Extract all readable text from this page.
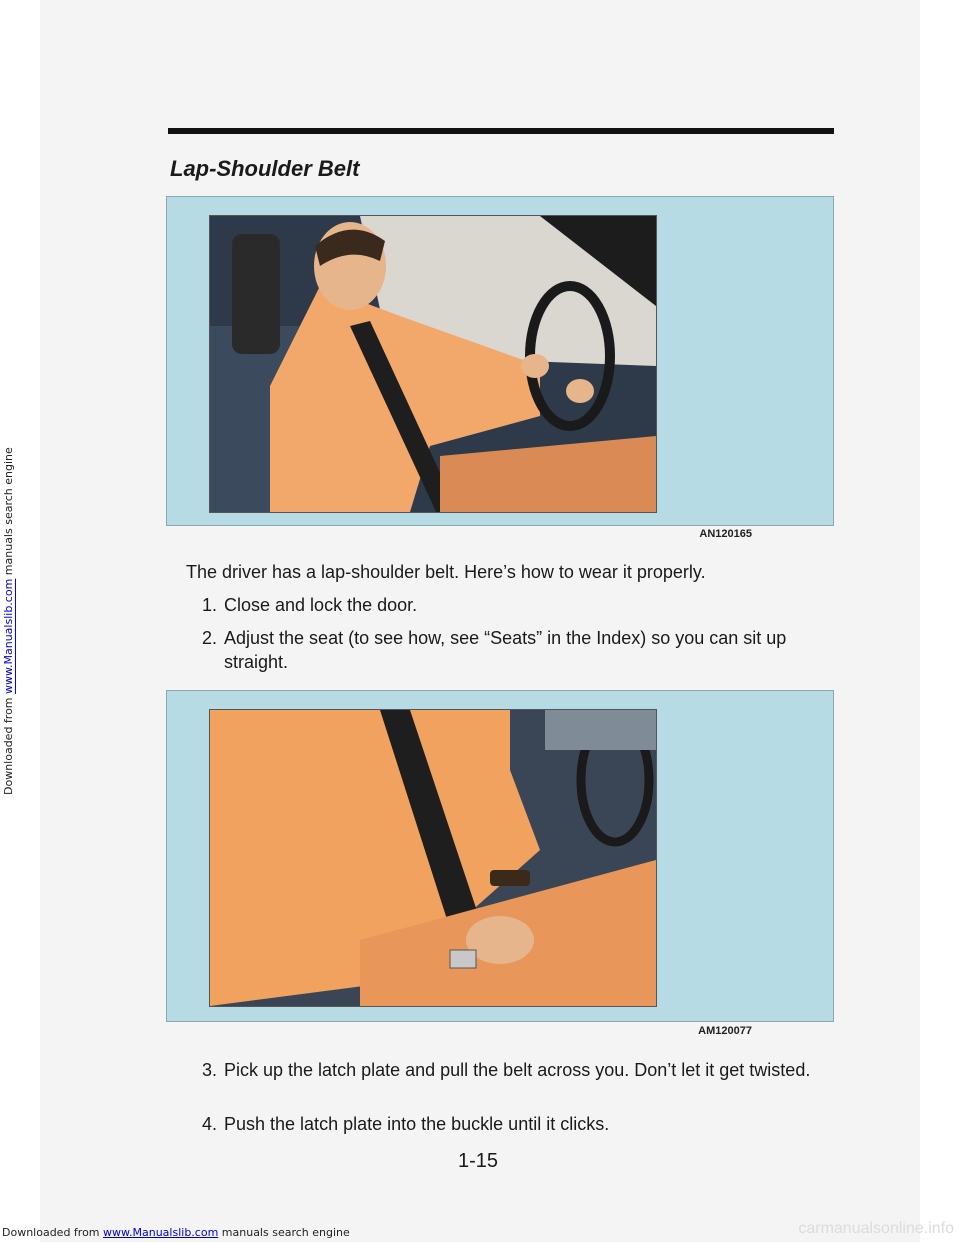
Downloaded from www.Manualslib.com manuals search engine
Lap-Shoulder Belt
AN120165

The driver has a lap-shoulder belt. Here’s how to wear it properly.

1. Close and lock the door.
2. Adjust the seat (to see how, see “Seats” in the Index) so you can sit up straight.
AM120077
3. Pick up the latch plate and pull the belt across you. Don’t let it get twisted.
4. Push the latch plate into the buckle until it clicks.
1-15
Downloaded from www.Manualslib.com manuals search engine	carmanualsonline.info
